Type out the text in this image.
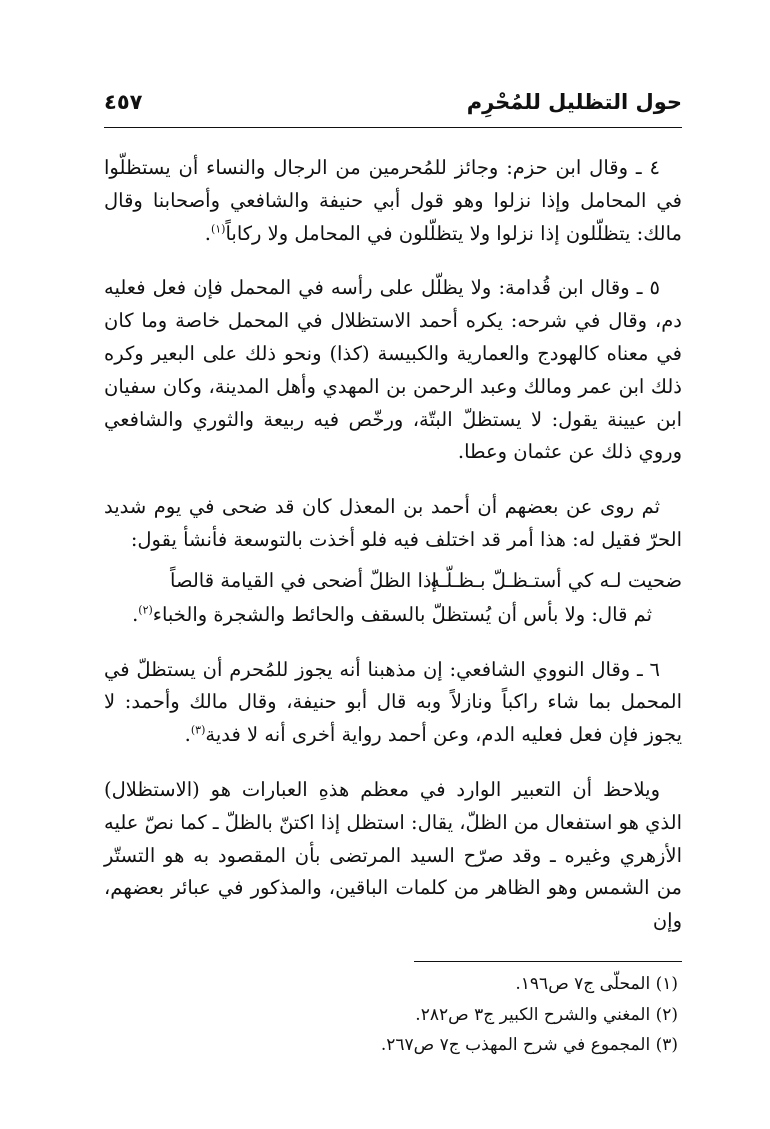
٤٥٧	حول التظليل للمُحْرِم

٤ ـ وقال ابن حزم: وجائز للمُحرمين من الرجال والنساء أن يستظلّوا في المحامل وإذا نزلوا وهو قول أبي حنيفة والشافعي وأصحابنا وقال مالك: يتظلّلون إذا نزلوا ولا يتظلّلون في المحامل ولا ركاباً$^{(١)}$.

٥ ـ وقال ابن قُدامة: ولا يظلّل على رأسه في المحمل فإن فعل فعليه دم، وقال في شرحه: يكره أحمد الاستظلال في المحمل خاصة وما كان في معناه كالهودج والعمارية والكبيسة (كذا) ونحو ذلك على البعير وكره ذلك ابن عمر ومالك وعبد الرحمن بن المهدي وأهل المدينة، وكان سفيان ابن عيينة يقول: لا يستظلّ البتّة، ورخّص فيه ربيعة والثوري والشافعي وروي ذلك عن عثمان وعطا.

ثم روى عن بعضهم أن أحمد بن المعذل كان قد ضحى في يوم شديد الحرّ فقيل له: هذا أمر قد اختلف فيه فلو أخذت بالتوسعة فأنشأ يقول:

ضحيت لـه كي أستـظـلّ بـظـلّـه
إذا الظلّ أضحى في القيامة قالصاً
ثم قال: ولا بأس أن يُستظلّ بالسقف والحائط والشجرة والخباء$^{(٢)}$.

٦ ـ وقال النووي الشافعي: إن مذهبنا أنه يجوز للمُحرم أن يستظلّ في المحمل بما شاء راكباً ونازلاً وبه قال أبو حنيفة، وقال مالك وأحمد: لا يجوز فإن فعل فعليه الدم، وعن أحمد رواية أخرى أنه لا فدية$^{(٣)}$.

ويلاحظ أن التعبير الوارد في معظم هذهِ العبارات هو (الاستظلال) الذي هو استفعال من الظلّ، يقال: استظل إذا اكتنّ بالظلّ ـ كما نصّ عليه الأزهري وغيره ـ وقد صرّح السيد المرتضى بأن المقصود به هو التستّر من الشمس وهو الظاهر من كلمات الباقين، والمذكور في عبائر بعضهم، وإن

(١) المحلّى ج٧ ص١٩٦.
(٢) المغني والشرح الكبير ج٣ ص٢٨٢.
(٣) المجموع في شرح المهذب ج٧ ص٢٦٧.
